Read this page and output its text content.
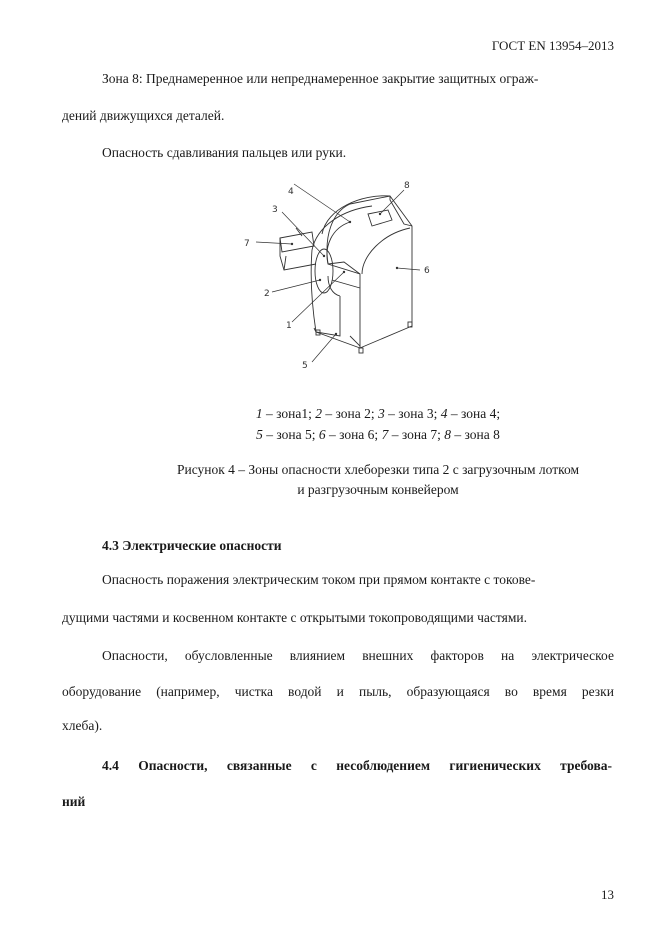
ГОСТ EN 13954–2013
Зона 8: Преднамеренное или непреднамеренное закрытие защитных ограж-
дений движущихся деталей.
Опасность сдавливания пальцев или руки.
1
2
3
4
5
6
7
8
1 – зона1; 2 – зона 2; 3 – зона 3; 4 – зона 4;
5 – зона 5; 6 – зона 6; 7 – зона 7; 8 – зона 8
Рисунок 4 – Зоны опасности хлеборезки типа 2 с загрузочным лотком
и разгрузочным конвейером
4.3 Электрические опасности
Опасность поражения электрическим током при прямом контакте с токове-
дущими частями и косвенном контакте с открытыми токопроводящими частями.
Опасности, обусловленные влиянием внешних факторов на электрическое
оборудование (например, чистка водой и пыль, образующаяся во время резки
хлеба).
4.4 Опасности, связанные с несоблюдением гигиенических требова-
ний
13
